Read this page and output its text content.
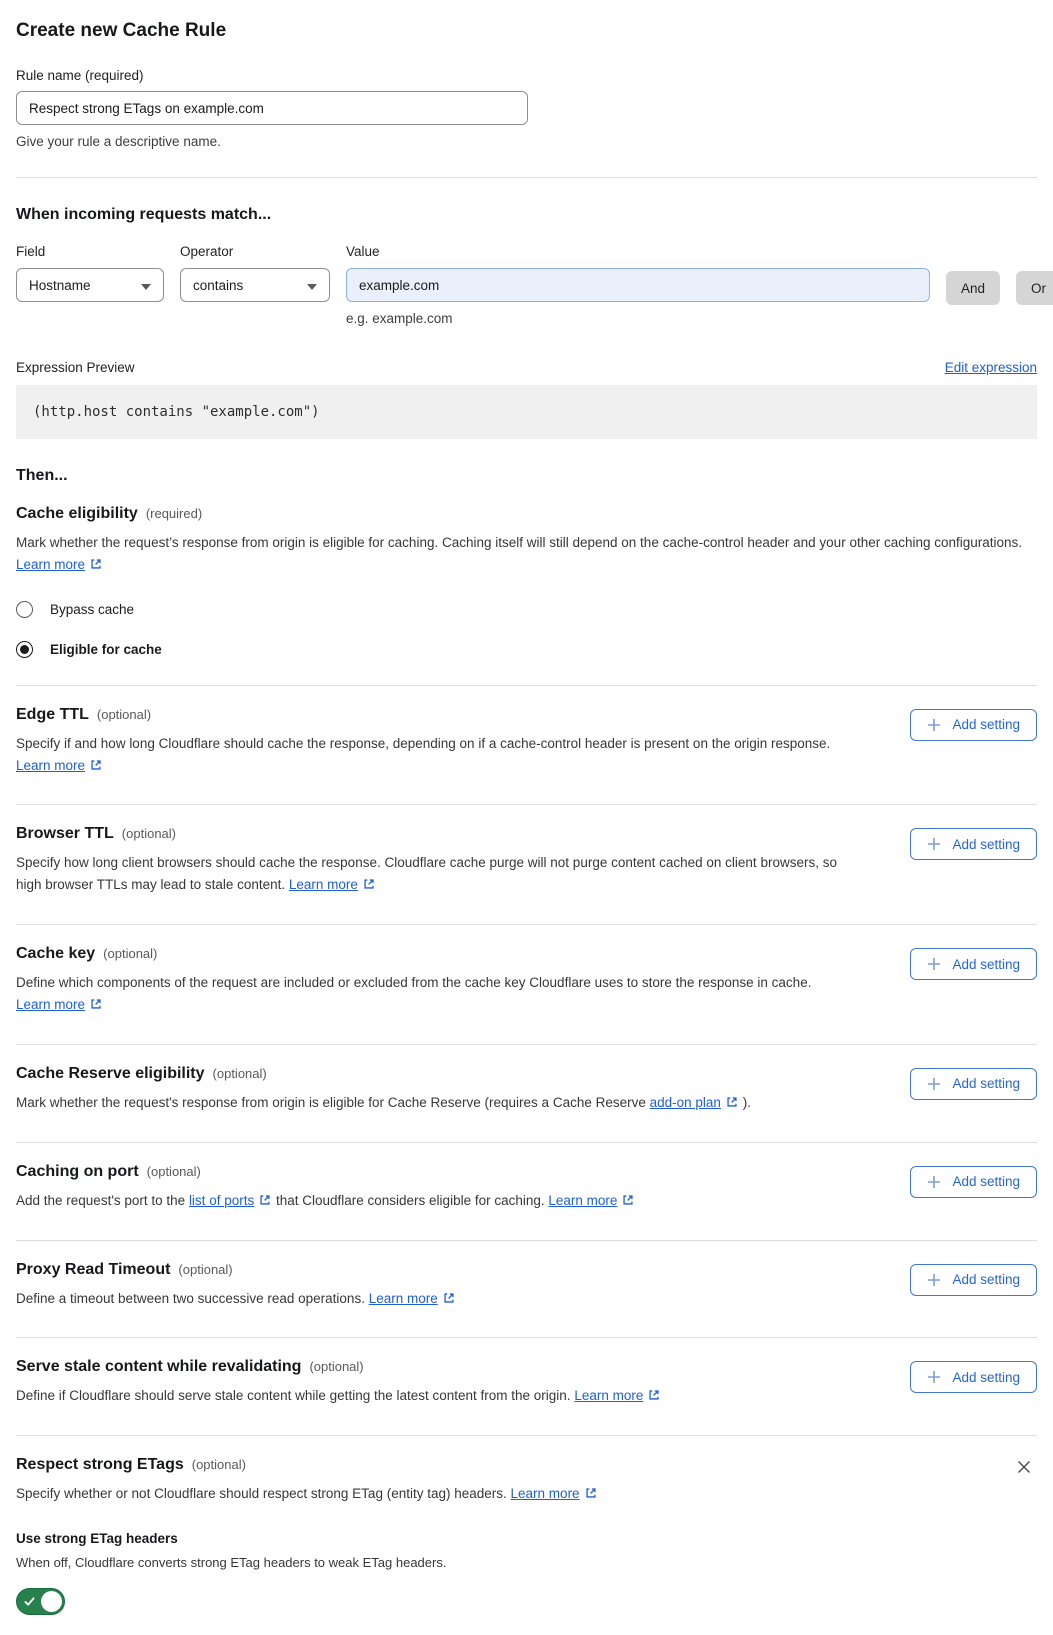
Create new Cache Rule
Rule name (required)
Respect strong ETags on example.com
Give your rule a descriptive name.
When incoming requests match...
Field
Hostname
Operator
contains
Value
example.com
e.g. example.com
And	Or
Expression Preview	Edit expression
(http.host contains "example.com")
Then...
Cache eligibility (required)
Mark whether the request’s response from origin is eligible for caching. Caching itself will still depend on the cache-control header and your other caching configurations. Learn more
Bypass cache
Eligible for cache
Edge TTL (optional)
Specify if and how long Cloudflare should cache the response, depending on if a cache-control header is present on the origin response. Learn more
Add setting
Browser TTL (optional)
Specify how long client browsers should cache the response. Cloudflare cache purge will not purge content cached on client browsers, so high browser TTLs may lead to stale content. Learn more
Add setting
Cache key (optional)
Define which components of the request are included or excluded from the cache key Cloudflare uses to store the response in cache. Learn more
Add setting
Cache Reserve eligibility (optional)
Mark whether the request's response from origin is eligible for Cache Reserve (requires a Cache Reserve add-on plan ).
Add setting
Caching on port (optional)
Add the request's port to the list of ports that Cloudflare considers eligible for caching. Learn more
Add setting
Proxy Read Timeout (optional)
Define a timeout between two successive read operations. Learn more
Add setting
Serve stale content while revalidating (optional)
Define if Cloudflare should serve stale content while getting the latest content from the origin. Learn more
Add setting
Respect strong ETags (optional)
Specify whether or not Cloudflare should respect strong ETag (entity tag) headers. Learn more
Use strong ETag headers
When off, Cloudflare converts strong ETag headers to weak ETag headers.
